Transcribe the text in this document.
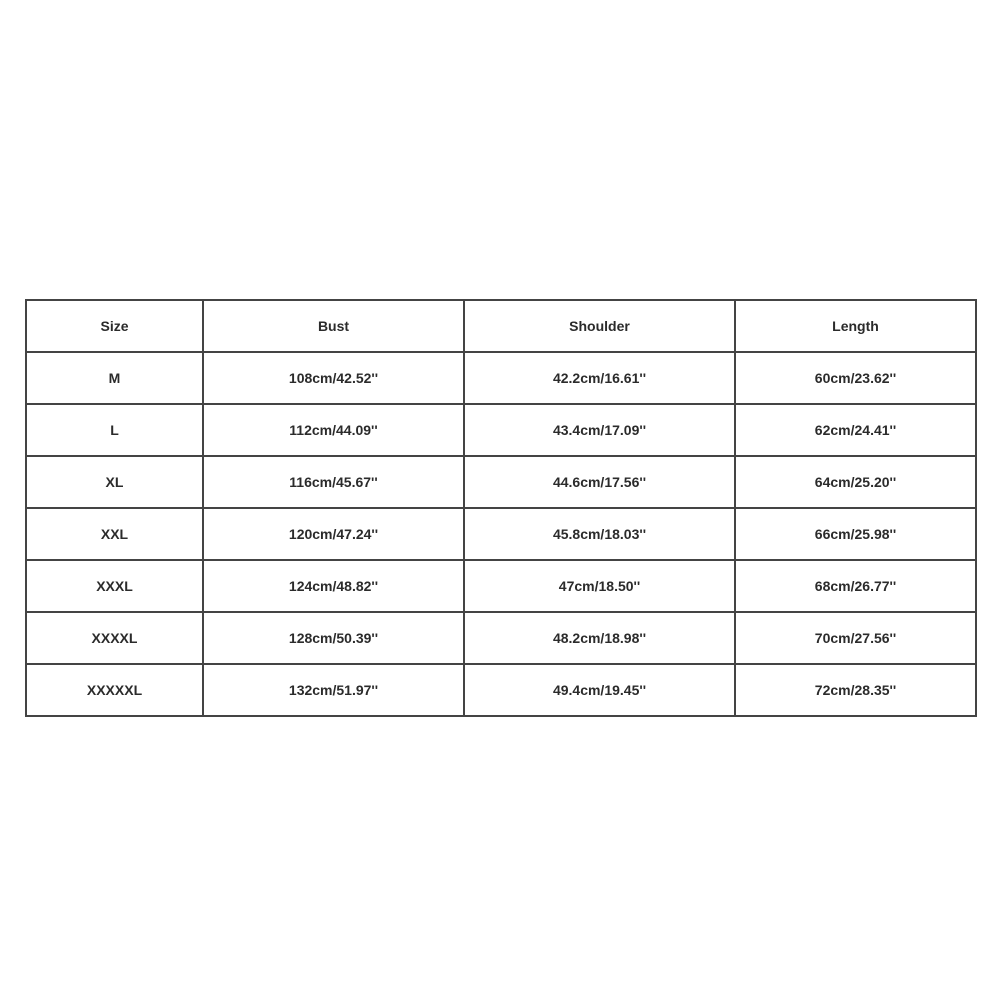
Size	Bust	Shoulder	Length
M	108cm/42.52''	42.2cm/16.61''	60cm/23.62''
L	112cm/44.09''	43.4cm/17.09''	62cm/24.41''
XL	116cm/45.67''	44.6cm/17.56''	64cm/25.20''
XXL	120cm/47.24''	45.8cm/18.03''	66cm/25.98''
XXXL	124cm/48.82''	47cm/18.50''	68cm/26.77''
XXXXL	128cm/50.39''	48.2cm/18.98''	70cm/27.56''
XXXXXL	132cm/51.97''	49.4cm/19.45''	72cm/28.35''
